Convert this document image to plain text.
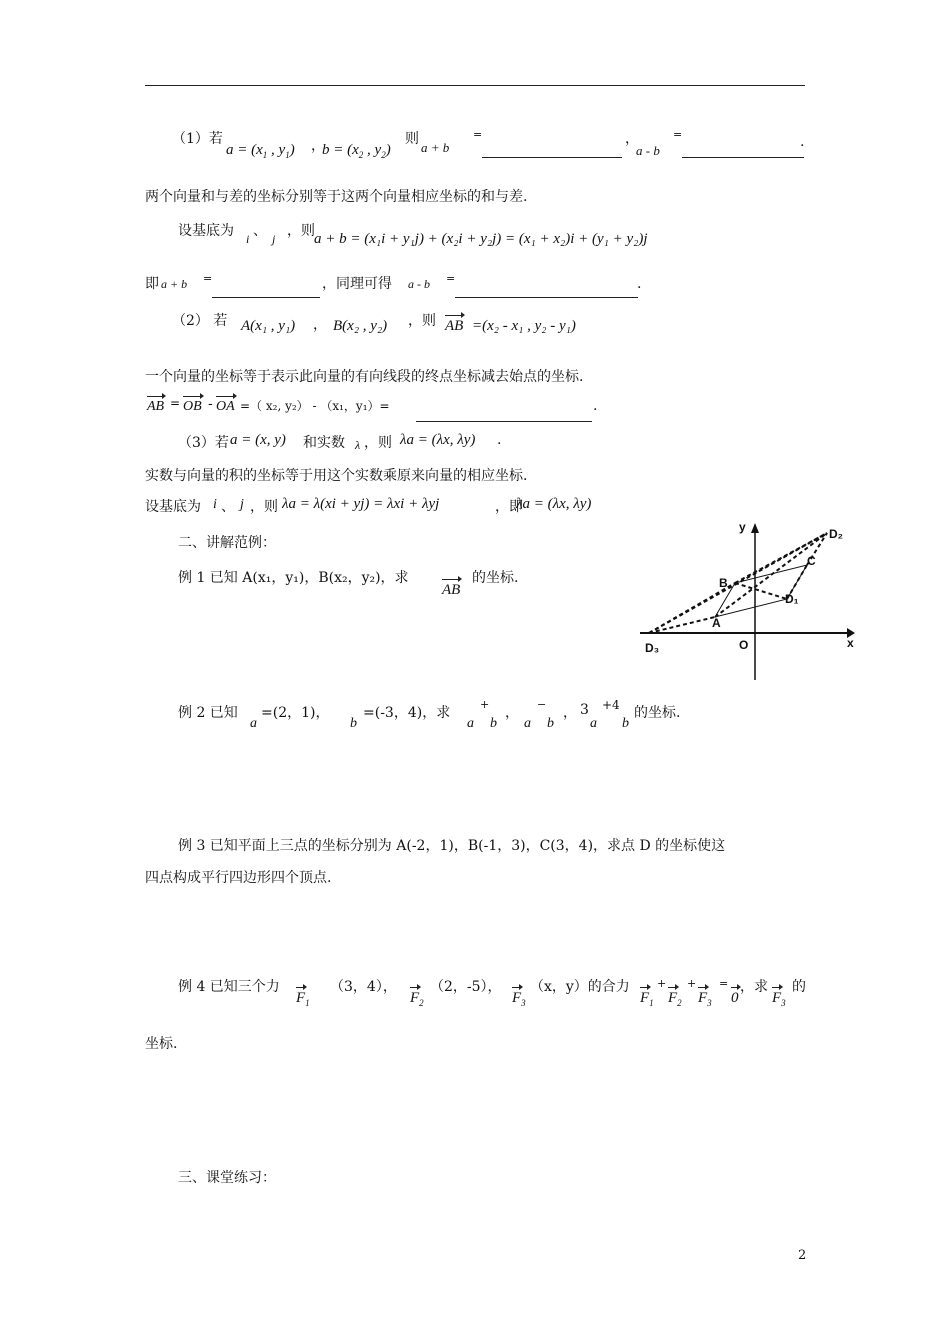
（1）若
$a = (x_1$ , $y_1$) ，
$b = (x_2$ , $y_2$)
则
a + b
=	，
a - b
=	.
两个向量和与差的坐标分别等于这两个向量相应坐标的和与差.
设基底为 i 、 j ，则 a + b = (x₁i + y₁j) + (x₂i + y₂j) = (x₁ + x₂)i + (y₁ + y₂)j
即 a + b =	，同理可得 a - b =	.
（2） 若 A(x₁ , y₁) ， B(x₂ , y₂) ，则 AB =(x₂ - x₁ , y₂ - y₁)
一个向量的坐标等于表示此向量的有向线段的终点坐标减去始点的坐标.
AB = OB - OA =（ x₂, y₂） - （x₁，y₁）=	.
（3）若 a = (x, y) 和实数 λ ，则 λa = (λx, λy) .
实数与向量的积的坐标等于用这个实数乘原来向量的相应坐标.
设基底为 i 、 j ，则 λa = λ(xi + yj) = λxi + λyj	，即
λa = (λx, λy)
二、讲解范例：
例 1 已知 A(x₁，y₁)，B(x₂，y₂)，求
AB
的坐标.
y	D₂
C
B
D₁
A
O	x
D₃
例 2 已知
a
=(2，1)，
b
=(-3，4)，求
a
+
b
，
−
a b
， 3
a
+4
b
的坐标.
例 3 已知平面上三点的坐标分别为 A(-2，1)，B(-1，3)，C(3，4)，求点 D 的坐标使这
四点构成平行四边形四个顶点.
例 4 已知三个力
$F_1$
（3，4），
$F_2$
（2，-5），
$F_3$
（x，y）的合力
$F_1$
+
$F_2$
+
$F_3$
=
0
，求
$F_3$
的
坐标.
三、课堂练习：
2
